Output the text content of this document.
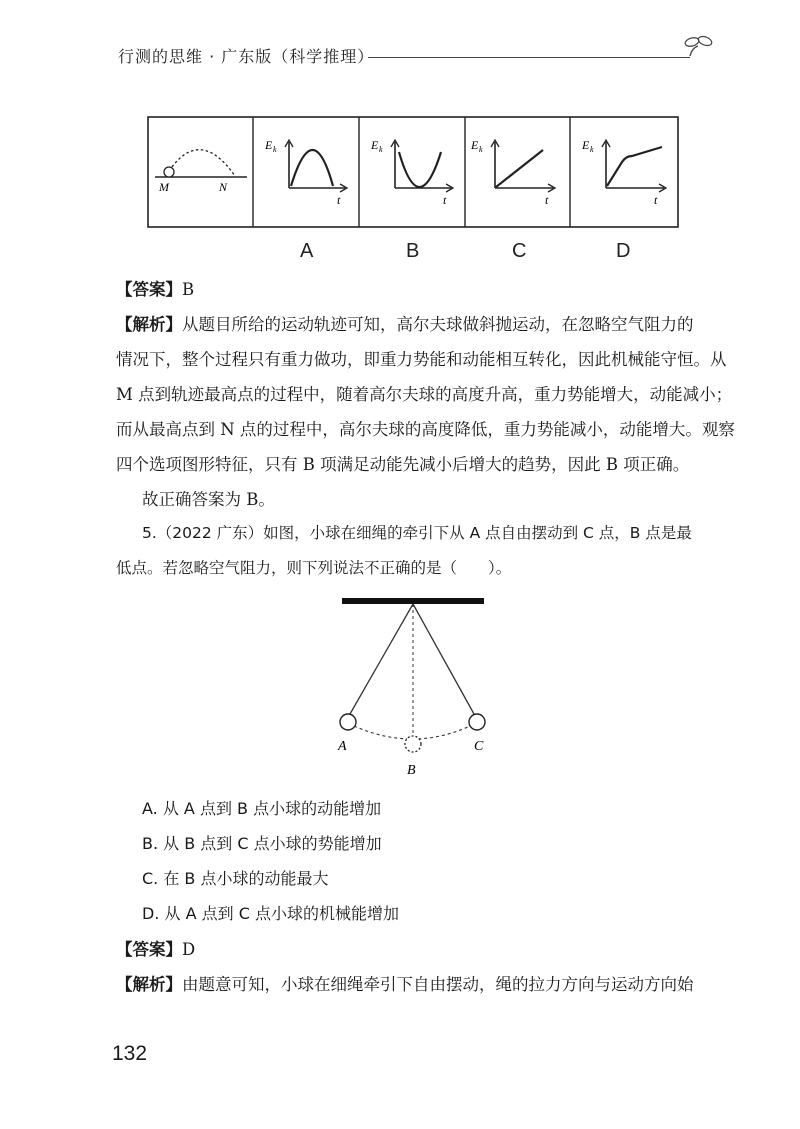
行测的思维 · 广东版（科学推理）
M	N
E k
t
E k
t
E k
t
E k
t
A	B	C	D
【答案】B
【解析】从题目所给的运动轨迹可知，高尔夫球做斜抛运动，在忽略空气阻力的
情况下，整个过程只有重力做功，即重力势能和动能相互转化，因此机械能守恒。从
M 点到轨迹最高点的过程中，随着高尔夫球的高度升高，重力势能增大，动能减小；
而从最高点到 N 点的过程中，高尔夫球的高度降低，重力势能减小，动能增大。观察
四个选项图形特征，只有 B 项满足动能先减小后增大的趋势，因此 B 项正确。
故正确答案为 B。
5.（2022 广东）如图，小球在细绳的牵引下从 A 点自由摆动到 C 点，B 点是最
低点。若忽略空气阻力，则下列说法不正确的是（　　）。
A
B
C
A. 从 A 点到 B 点小球的动能增加
B. 从 B 点到 C 点小球的势能增加
C. 在 B 点小球的动能最大
D. 从 A 点到 C 点小球的机械能增加
【答案】D
【解析】由题意可知，小球在细绳牵引下自由摆动，绳的拉力方向与运动方向始
132
